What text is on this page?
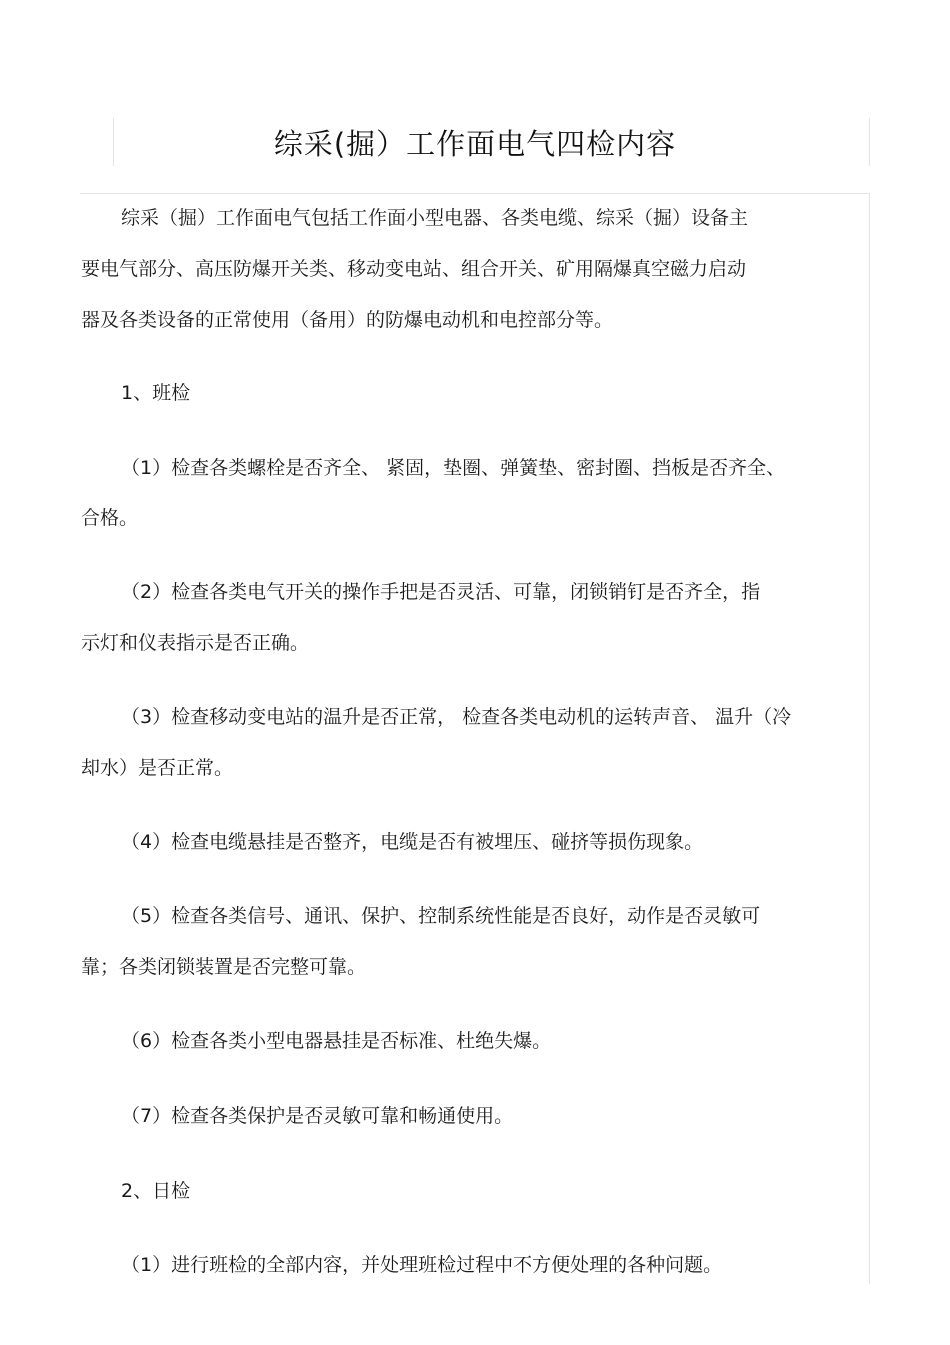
综采(掘）工作面电气四检内容

综采（掘）工作面电气包括工作面小型电器、各类电缆、综采（掘）设备主

要电气部分、高压防爆开关类、移动变电站、组合开关、矿用隔爆真空磁力启动

器及各类设备的正常使用（备用）的防爆电动机和电控部分等。

1、班检

（1）检查各类螺栓是否齐全、 紧固，垫圈、弹簧垫、密封圈、挡板是否齐全、

合格。

（2）检查各类电气开关的操作手把是否灵活、可靠，闭锁销钉是否齐全，指

示灯和仪表指示是否正确。

（3）检查移动变电站的温升是否正常， 检查各类电动机的运转声音、 温升（冷

却水）是否正常。

（4）检查电缆悬挂是否整齐，电缆是否有被埋压、碰挤等损伤现象。

（5）检查各类信号、通讯、保护、控制系统性能是否良好，动作是否灵敏可

靠；各类闭锁装置是否完整可靠。

（6）检查各类小型电器悬挂是否标准、杜绝失爆。

（7）检查各类保护是否灵敏可靠和畅通使用。

2、日检

（1）进行班检的全部内容，并处理班检过程中不方便处理的各种问题。
